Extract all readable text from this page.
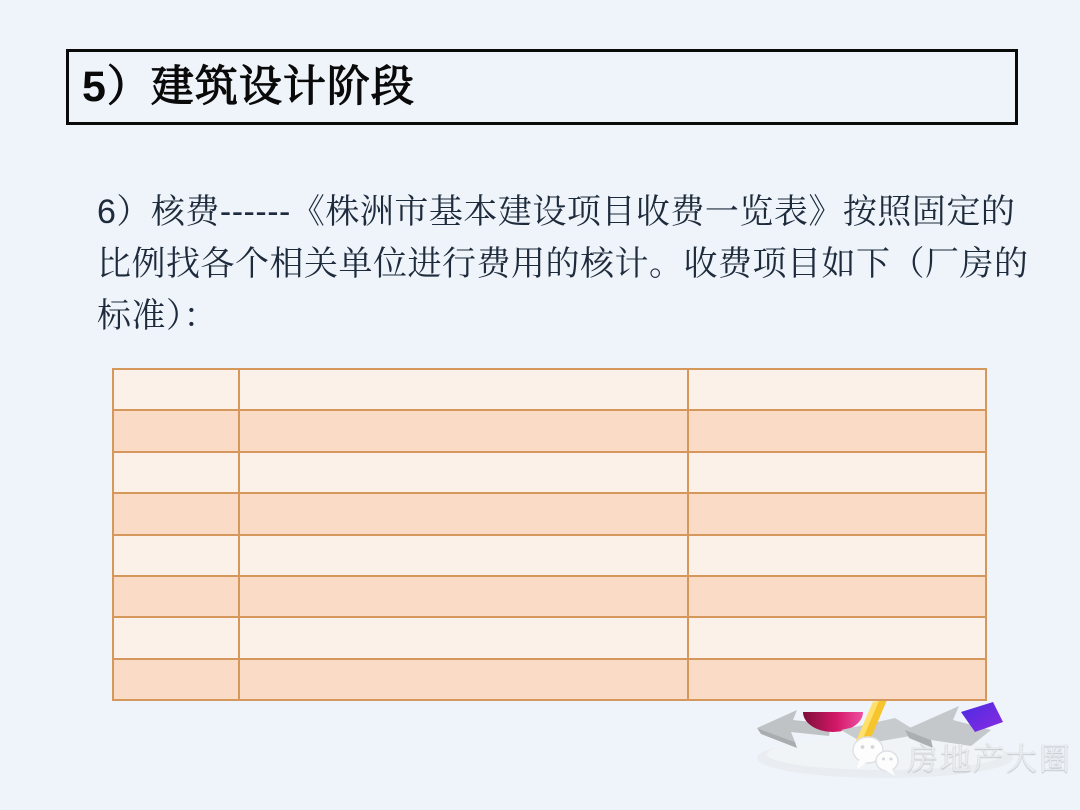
5）建筑设计阶段
6）核费------《株洲市基本建设项目收费一览表》按照固定的
比例找各个相关单位进行费用的核计。收费项目如下（厂房的
标准）：

房地产大圈
